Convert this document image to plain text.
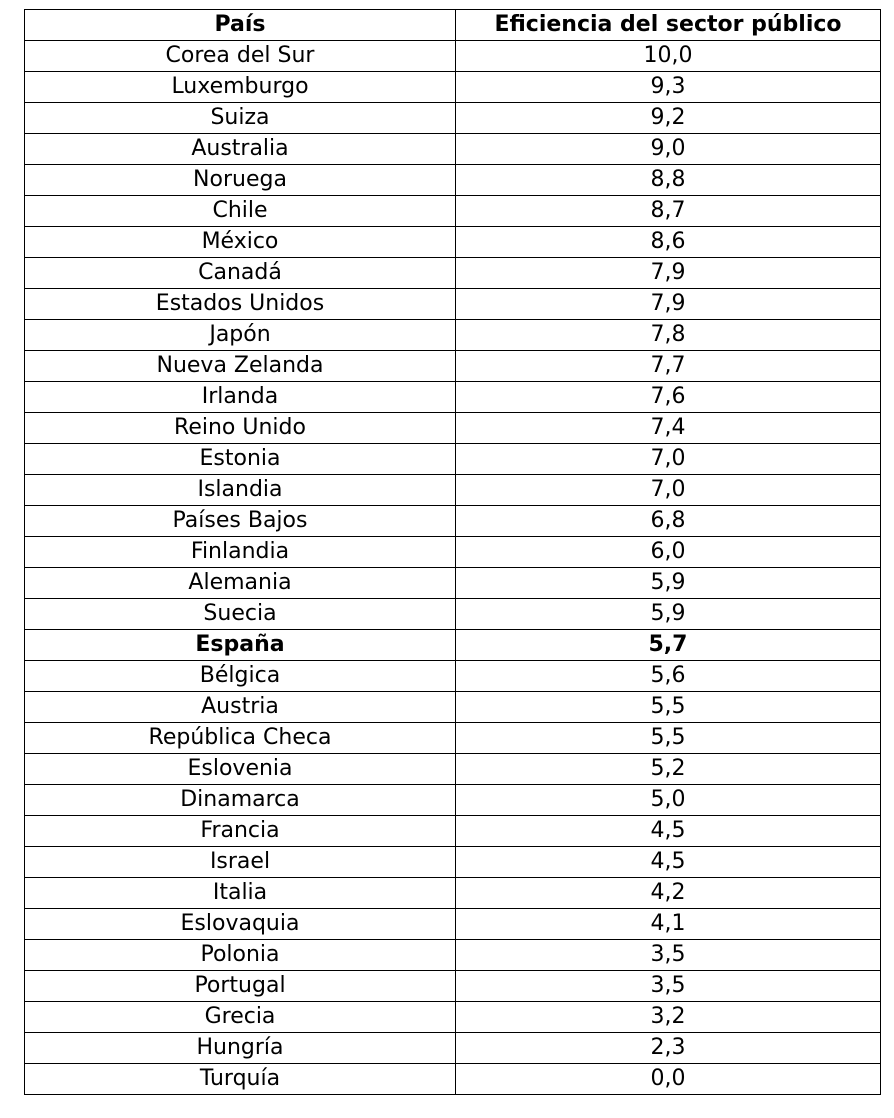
País	Eficiencia del sector público
Corea del Sur	10,0
Luxemburgo	9,3
Suiza	9,2
Australia	9,0
Noruega	8,8
Chile	8,7
México	8,6
Canadá	7,9
Estados Unidos	7,9
Japón	7,8
Nueva Zelanda	7,7
Irlanda	7,6
Reino Unido	7,4
Estonia	7,0
Islandia	7,0
Países Bajos	6,8
Finlandia	6,0
Alemania	5,9
Suecia	5,9
España	5,7
Bélgica	5,6
Austria	5,5
República Checa	5,5
Eslovenia	5,2
Dinamarca	5,0
Francia	4,5
Israel	4,5
Italia	4,2
Eslovaquia	4,1
Polonia	3,5
Portugal	3,5
Grecia	3,2
Hungría	2,3
Turquía	0,0
